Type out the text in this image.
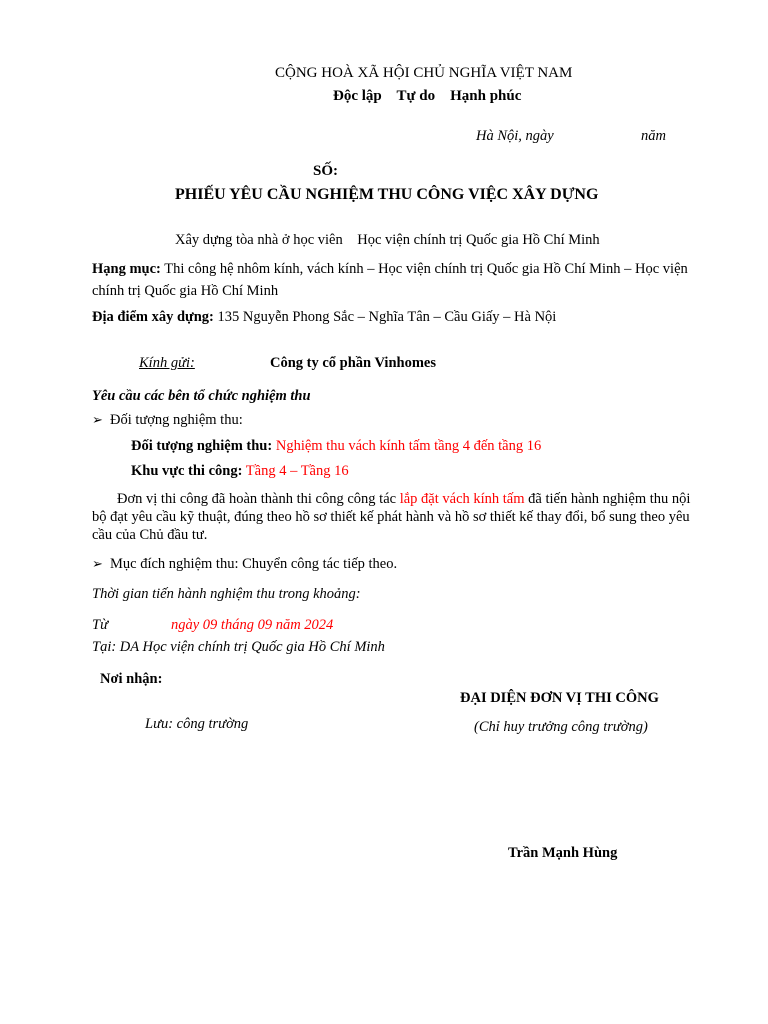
CỘNG HOÀ XÃ HỘI CHỦ NGHĨA VIỆT NAM
Độc lập Tự do Hạnh phúc
Hà Nội, ngày	năm
SỐ:
PHIẾU YÊU CẦU NGHIỆM THU CÔNG VIỆC XÂY DỰNG
Xây dựng tòa nhà ở học viên Học viện chính trị Quốc gia Hồ Chí Minh
Hạng mục: Thi công hệ nhôm kính, vách kính – Học viện chính trị Quốc gia Hồ Chí Minh – Học viện chính trị Quốc gia Hồ Chí Minh
Địa điểm xây dựng: 135 Nguyễn Phong Sắc – Nghĩa Tân – Cầu Giấy – Hà Nội
Kính gửi:	Công ty cổ phần Vinhomes
Yêu cầu các bên tổ chức nghiệm thu
➢ Đối tượng nghiệm thu:
Đối tượng nghiệm thu: Nghiệm thu vách kính tấm tầng 4 đến tầng 16
Khu vực thi công: Tầng 4 – Tầng 16
Đơn vị thi công đã hoàn thành thi công công tác lắp đặt vách kính tấm đã tiến hành nghiệm thu nội bộ đạt yêu cầu kỹ thuật, đúng theo hồ sơ thiết kế phát hành và hồ sơ thiết kế thay đổi, bổ sung theo yêu cầu của Chủ đầu tư.
➢ Mục đích nghiệm thu: Chuyển công tác tiếp theo.
Thời gian tiến hành nghiệm thu trong khoảng:
Từ	ngày 09 tháng 09 năm 2024
Tại: DA Học viện chính trị Quốc gia Hồ Chí Minh
Nơi nhận:
ĐẠI DIỆN ĐƠN VỊ THI CÔNG
(Chỉ huy trưởng công trường)
Lưu: công trường
Trần Mạnh Hùng
